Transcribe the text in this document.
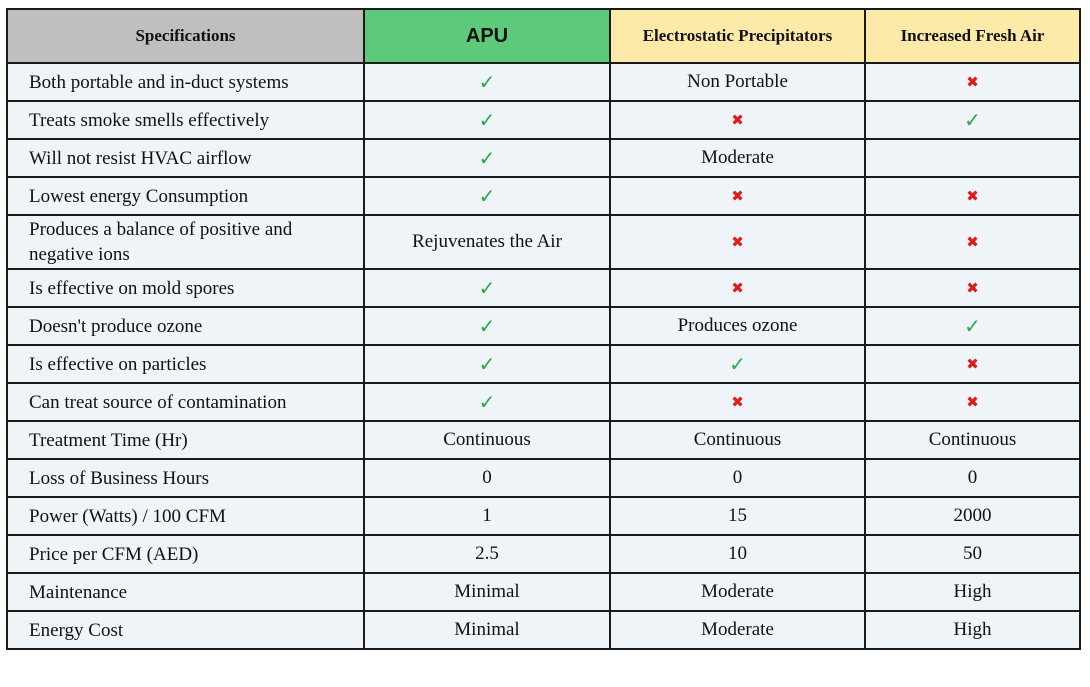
Specifications	APU	Electrostatic Precipitators	Increased Fresh Air
Both portable and in-duct systems	✓	Non Portable	✖
Treats smoke smells effectively	✓	✖	✓
Will not resist HVAC airflow	✓	Moderate	
Lowest energy Consumption	✓	✖	✖
Produces a balance of positive and negative ions	Rejuvenates the Air	✖	✖
Is effective on mold spores	✓	✖	✖
Doesn't produce ozone	✓	Produces ozone	✓
Is effective on particles	✓	✓	✖
Can treat source of contamination	✓	✖	✖
Treatment Time (Hr)	Continuous	Continuous	Continuous
Loss of Business Hours	0	0	0
Power (Watts) / 100 CFM	1	15	2000
Price per CFM (AED)	2.5	10	50
Maintenance	Minimal	Moderate	High
Energy Cost	Minimal	Moderate	High
